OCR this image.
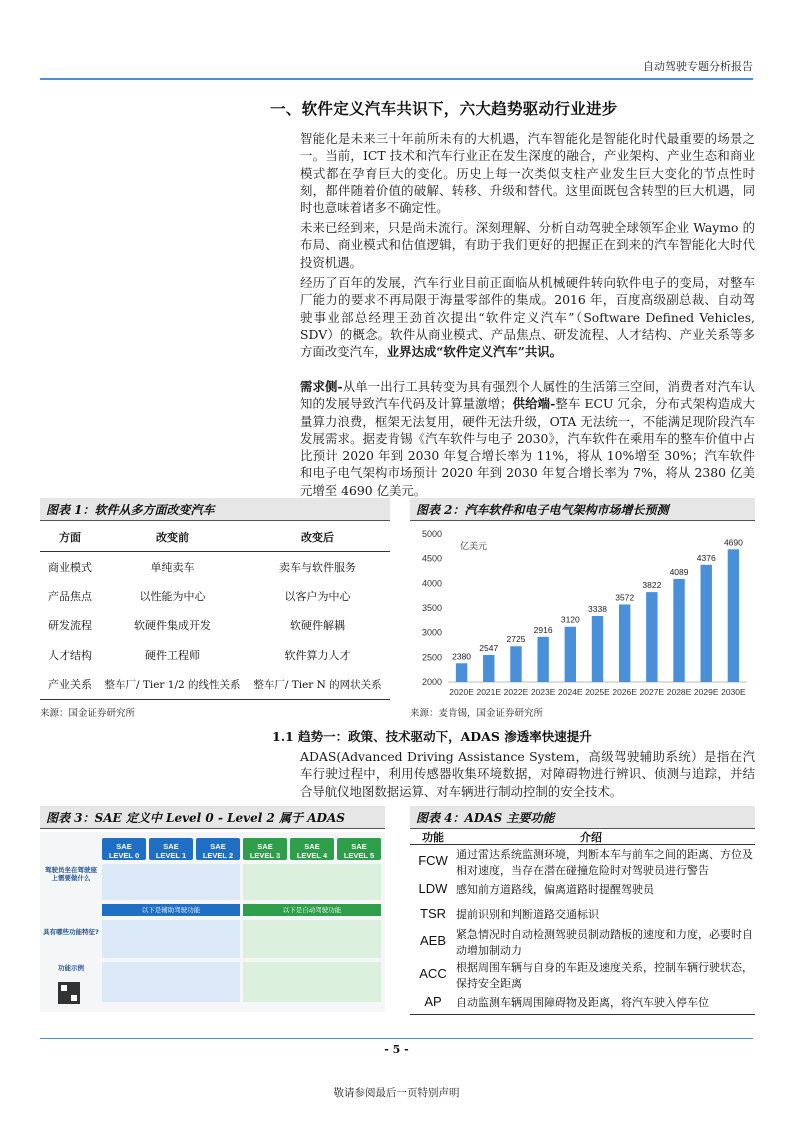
自动驾驶专题分析报告
一、软件定义汽车共识下，六大趋势驱动行业进步
智能化是未来三十年前所未有的大机遇，汽车智能化是智能化时代最重要的场景之一。当前，ICT 技术和汽车行业正在发生深度的融合，产业架构、产业生态和商业模式都在孕育巨大的变化。历史上每一次类似支柱产业发生巨大变化的节点性时刻，都伴随着价值的破解、转移、升级和替代。这里面既包含转型的巨大机遇，同时也意味着诸多不确定性。
未来已经到来，只是尚未流行。深刻理解、分析自动驾驶全球领军企业 Waymo 的布局、商业模式和估值逻辑，有助于我们更好的把握正在到来的汽车智能化大时代投资机遇。
经历了百年的发展，汽车行业目前正面临从机械硬件转向软件电子的变局，对整车厂能力的要求不再局限于海量零部件的集成。2016 年，百度高级副总裁、自动驾驶事业部总经理王劲首次提出“软件定义汽车”（Software Defined Vehicles, SDV）的概念。软件从商业模式、产品焦点、研发流程、人才结构、产业关系等多方面改变汽车，业界达成“软件定义汽车”共识。
需求侧-从单一出行工具转变为具有强烈个人属性的生活第三空间，消费者对汽车认知的发展导致汽车代码及计算量激增；供给端-整车 ECU 冗余，分布式架构造成大量算力浪费，框架无法复用，硬件无法升级，OTA 无法统一，不能满足现阶段汽车发展需求。据麦肯锡《汽车软件与电子 2030》，汽车软件在乘用车的整车价值中占比预计 2020 年到 2030 年复合增长率为 11%，将从 10%增至 30%；汽车软件和电子电气架构市场预计 2020 年到 2030 年复合增长率为 7%，将从 2380 亿美元增至 4690 亿美元。
图表 1：软件从多方面改变汽车
方面	改变前	改变后
商业模式	单纯卖车	卖车与软件服务
产品焦点	以性能为中心	以客户为中心
研发流程	软硬件集成开发	软硬件解耦
人才结构	硬件工程师	软件算力人才
产业关系	整车厂/ Tier 1/2 的线性关系	整车厂/ Tier N 的网状关系
来源：国金证券研究所
图表 2：汽车软件和电子电气架构市场增长预测
2000
2500
3000
3500
4000
4500
5000
亿美元
2380
2020E
2547
2021E
2725
2022E
2916
2023E
3120
2024E
3338
2025E
3572
2026E
3822
2027E
4089
2028E
4376
2029E
4690
2030E
来源：麦肯锡，国金证券研究所
1.1 趋势一：政策、技术驱动下，ADAS 渗透率快速提升
ADAS(Advanced Driving Assistance System，高级驾驶辅助系统）是指在汽车行驶过程中，利用传感器收集环境数据，对障碍物进行辨识、侦测与追踪，并结合导航仪地图数据运算、对车辆进行制动控制的安全技术。
图表 3：SAE 定义中 Level 0 - Level 2 属于 ADAS
SAE
LEVEL 0
SAE
LEVEL 1
SAE
LEVEL 2
SAE
LEVEL 3
SAE
LEVEL 4
SAE
LEVEL 5
驾驶员坐在驾驶座上需要做什么
具有哪些功能特征?
功能示例
以下是辅助驾驶功能	以下是自动驾驶功能
图表 4：ADAS 主要功能
功能	介绍
FCW 通过雷达系统监测环境，判断本车与前车之间的距离、方位及相对速度，当存在潜在碰撞危险时对驾驶员进行警告
LDW 感知前方道路线，偏离道路时提醒驾驶员
TSR 提前识别和判断道路交通标识
AEB 紧急情况时自动检测驾驶员制动踏板的速度和力度，必要时自动增加制动力
ACC 根据周围车辆与自身的车距及速度关系，控制车辆行驶状态，保持安全距离
AP	自动监测车辆周围障碍物及距离，将汽车驶入停车位
- 5 -
敬请参阅最后一页特别声明
